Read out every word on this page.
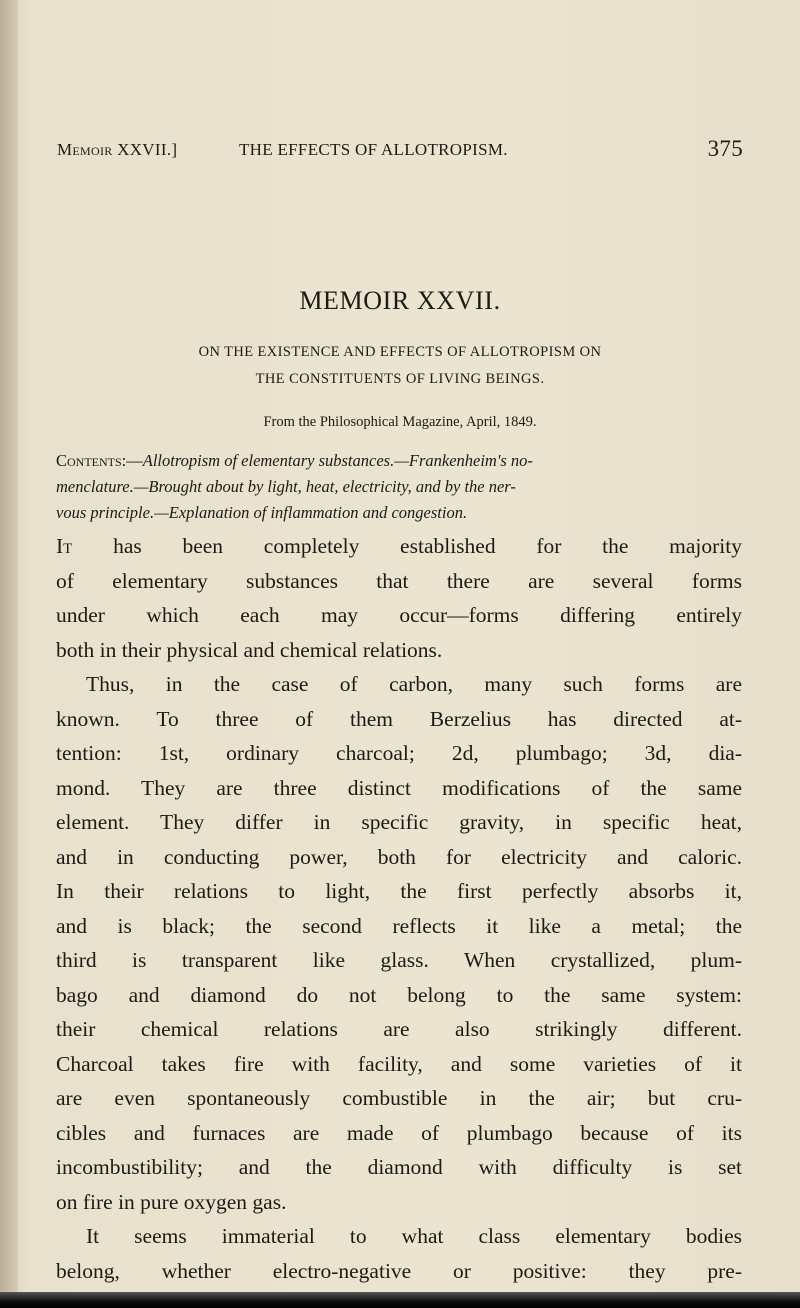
Memoir XXVII.]	THE EFFECTS OF ALLOTROPISM.	375
MEMOIR XXVII.
ON THE EXISTENCE AND EFFECTS OF ALLOTROPISM ON
THE CONSTITUENTS OF LIVING BEINGS.
From the Philosophical Magazine, April, 1849.
Contents:—Allotropism of elementary substances.—Frankenheim's no-
menclature.—Brought about by light, heat, electricity, and by the ner-
vous principle.—Explanation of inflammation and congestion.
It has been completely established for the majority
of elementary substances that there are several forms
under which each may occur—forms differing entirely
both in their physical and chemical relations.
Thus, in the case of carbon, many such forms are
known. To three of them Berzelius has directed at-
tention: 1st, ordinary charcoal; 2d, plumbago; 3d, dia-
mond. They are three distinct modifications of the same
element. They differ in specific gravity, in specific heat,
and in conducting power, both for electricity and caloric.
In their relations to light, the first perfectly absorbs it,
and is black; the second reflects it like a metal; the
third is transparent like glass. When crystallized, plum-
bago and diamond do not belong to the same system:
their chemical relations are also strikingly different.
Charcoal takes fire with facility, and some varieties of it
are even spontaneously combustible in the air; but cru-
cibles and furnaces are made of plumbago because of its
incombustibility; and the diamond with difficulty is set
on fire in pure oxygen gas.
It seems immaterial to what class elementary bodies
belong, whether electro-negative or positive: they pre-
